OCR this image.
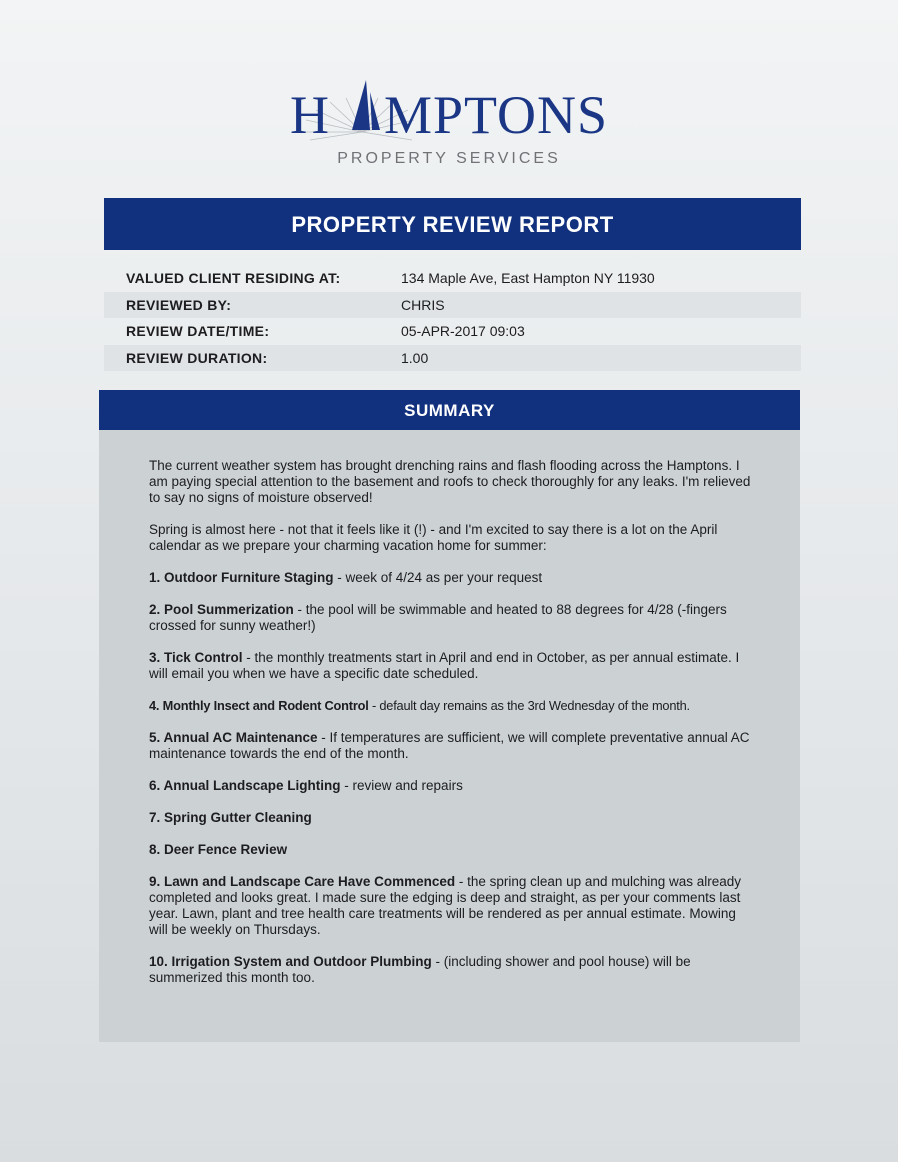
H MPTONS
PROPERTY SERVICES
PROPERTY REVIEW REPORT
VALUED CLIENT RESIDING AT:	134 Maple Ave, East Hampton NY 11930
REVIEWED BY:	CHRIS
REVIEW DATE/TIME:	05-APR-2017 09:03
REVIEW DURATION:	1.00
SUMMARY

The current weather system has brought drenching rains and flash flooding across the Hamptons. I am paying special attention to the basement and roofs to check thoroughly for any leaks. I'm relieved to say no signs of moisture observed!

Spring is almost here - not that it feels like it (!) - and I'm excited to say there is a lot on the April calendar as we prepare your charming vacation home for summer:

1. Outdoor Furniture Staging - week of 4/24 as per your request

2. Pool Summerization - the pool will be swimmable and heated to 88 degrees for 4/28 (-fingers crossed for sunny weather!)

3. Tick Control - the monthly treatments start in April and end in October, as per annual estimate. I will email you when we have a specific date scheduled.

4. Monthly Insect and Rodent Control - default day remains as the 3rd Wednesday of the month.

5. Annual AC Maintenance - If temperatures are sufficient, we will complete preventative annual AC maintenance towards the end of the month.

6. Annual Landscape Lighting - review and repairs

7. Spring Gutter Cleaning

8. Deer Fence Review

9. Lawn and Landscape Care Have Commenced - the spring clean up and mulching was already completed and looks great. I made sure the edging is deep and straight, as per your comments last year. Lawn, plant and tree health care treatments will be rendered as per annual estimate. Mowing will be weekly on Thursdays.

10. Irrigation System and Outdoor Plumbing - (including shower and pool house) will be summerized this month too.
